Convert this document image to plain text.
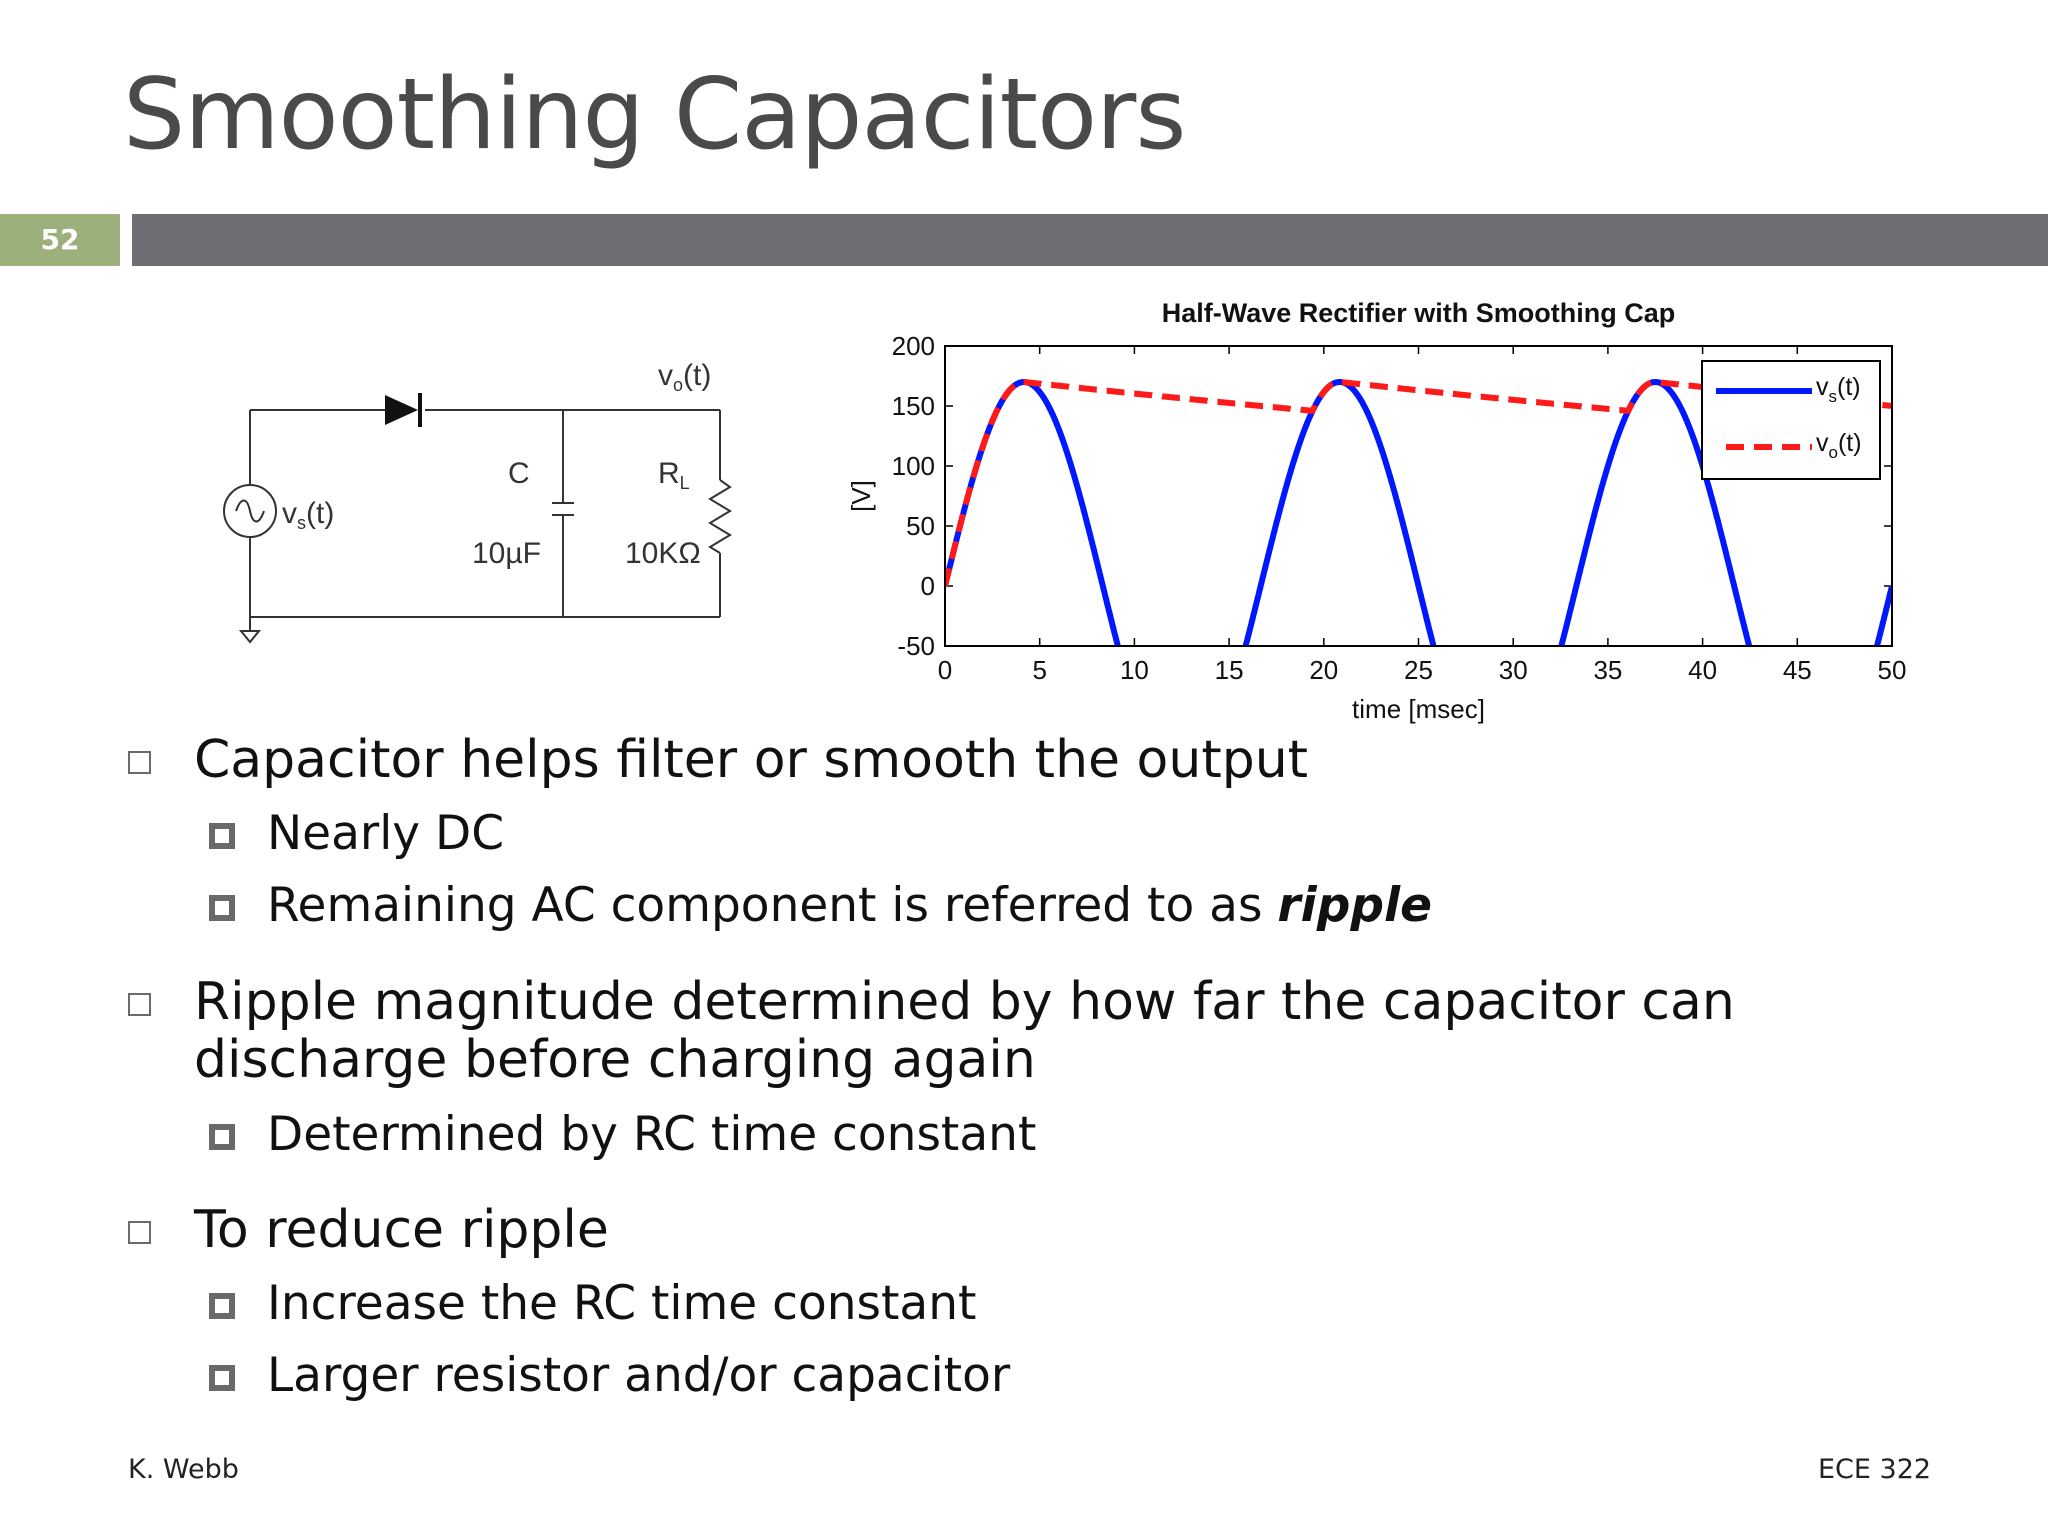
Smoothing Capacitors
52
$v_s(t)$
$v_o(t)$
C
10µF
$R_L$
10KΩ
Half-Wave Rectifier with Smoothing Cap
0	5	10	15	20	25	30	35	40	45	50
200
150
100
50
0
-50
time [msec]
[V]
$v_s(t)$
$v_o(t)$
Capacitor helps filter or smooth the output
Nearly DC
Remaining AC component is referred to as ripple
Ripple magnitude determined by how far the capacitor can
discharge before charging again
Determined by RC time constant
To reduce ripple
Increase the RC time constant
Larger resistor and/or capacitor
K. Webb	ECE 322
